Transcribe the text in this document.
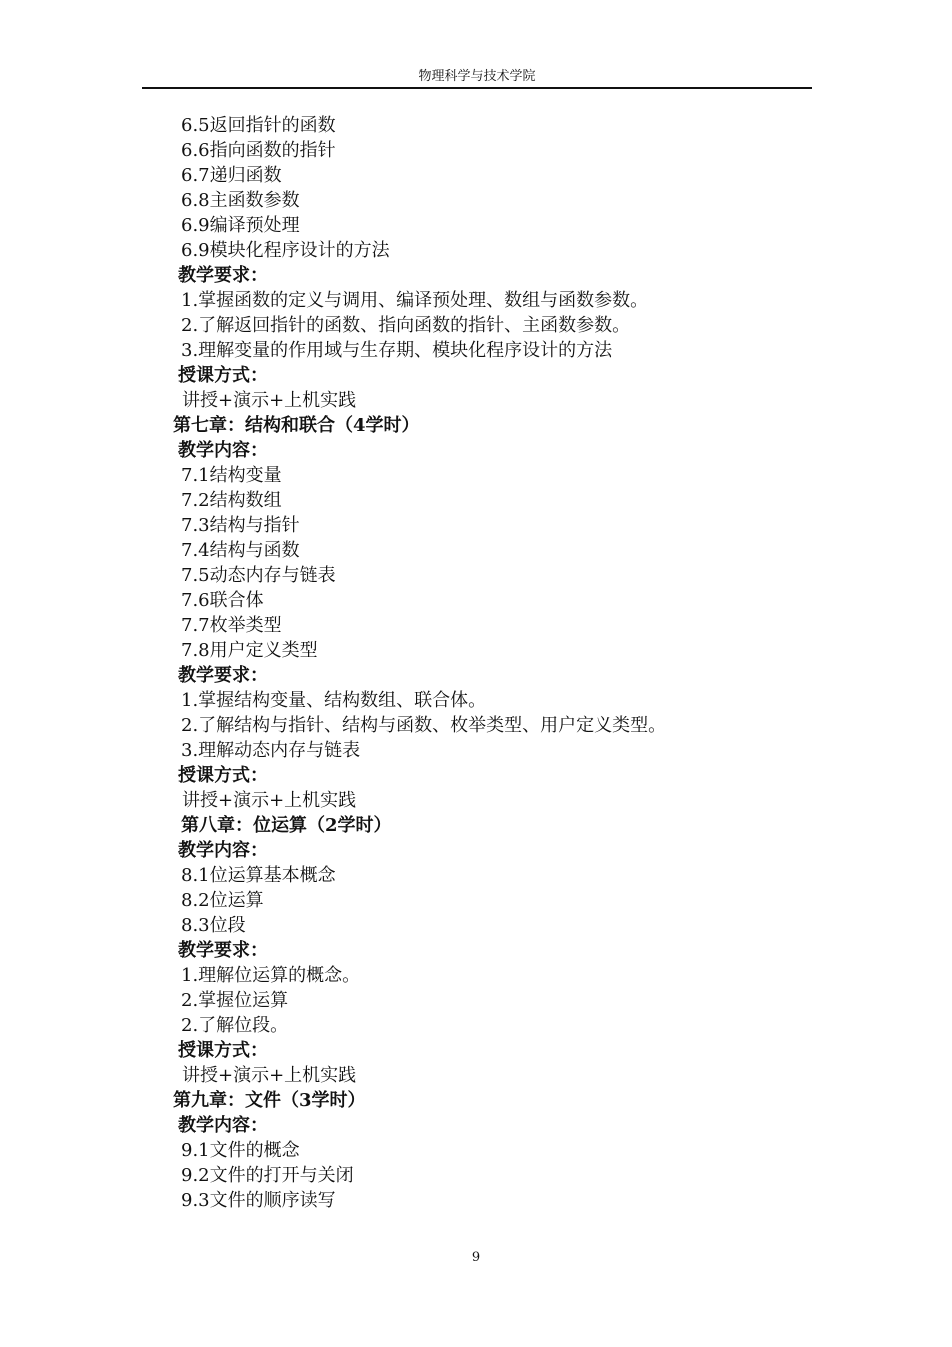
物理科学与技术学院
6.5返回指针的函数
6.6指向函数的指针
6.7递归函数
6.8主函数参数
6.9编译预处理
6.9模块化程序设计的方法
教学要求：
1.掌握函数的定义与调用、编译预处理、数组与函数参数。
2.了解返回指针的函数、指向函数的指针、主函数参数。
3.理解变量的作用域与生存期、模块化程序设计的方法
授课方式：
讲授+演示+上机实践
第七章：结构和联合（4学时）
教学内容：
7.1结构变量
7.2结构数组
7.3结构与指针
7.4结构与函数
7.5动态内存与链表
7.6联合体
7.7枚举类型
7.8用户定义类型
教学要求：
1.掌握结构变量、结构数组、联合体。
2.了解结构与指针、结构与函数、枚举类型、用户定义类型。
3.理解动态内存与链表
授课方式：
讲授+演示+上机实践
第八章：位运算（2学时）
教学内容：
8.1位运算基本概念
8.2位运算
8.3位段
教学要求：
1.理解位运算的概念。
2.掌握位运算
2.了解位段。
授课方式：
讲授+演示+上机实践
第九章：文件（3学时）
教学内容：
9.1文件的概念
9.2文件的打开与关闭
9.3文件的顺序读写
9
